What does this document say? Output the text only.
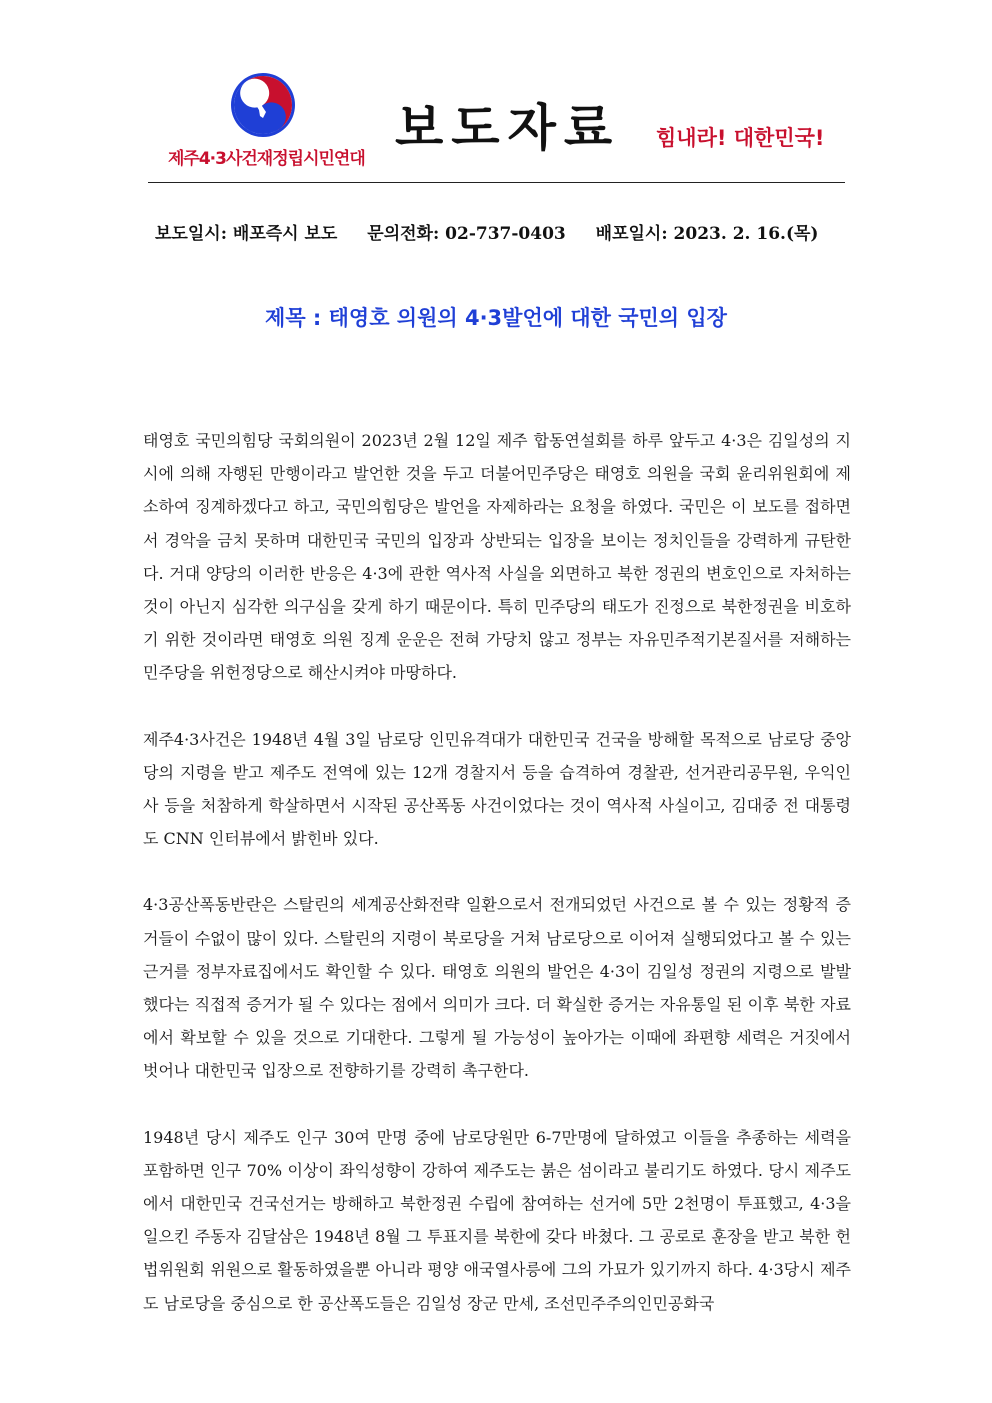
제주4·3사건재정립시민연대
보도자료 힘내라! 대한민국!
보도일시: 배포즉시 보도 문의전화: 02-737-0403 배포일시: 2023. 2. 16.(목)
제목 : 태영호 의원의 4·3발언에 대한 국민의 입장

태영호 국민의힘당 국회의원이 2023년 2월 12일 제주 합동연설회를 하루 앞두고 4·3은 김일성의 지시에 의해 자행된 만행이라고 발언한 것을 두고 더불어민주당은 태영호 의원을 국회 윤리위원회에 제소하여 징계하겠다고 하고, 국민의힘당은 발언을 자제하라는 요청을 하였다. 국민은 이 보도를 접하면서 경악을 금치 못하며 대한민국 국민의 입장과 상반되는 입장을 보이는 정치인들을 강력하게 규탄한다. 거대 양당의 이러한 반응은 4·3에 관한 역사적 사실을 외면하고 북한 정권의 변호인으로 자처하는 것이 아닌지 심각한 의구심을 갖게 하기 때문이다. 특히 민주당의 태도가 진정으로 북한정권을 비호하기 위한 것이라면 태영호 의원 징계 운운은 전혀 가당치 않고 정부는 자유민주적기본질서를 저해하는 민주당을 위헌정당으로 해산시켜야 마땅하다.

제주4·3사건은 1948년 4월 3일 남로당 인민유격대가 대한민국 건국을 방해할 목적으로 남로당 중앙당의 지령을 받고 제주도 전역에 있는 12개 경찰지서 등을 습격하여 경찰관, 선거관리공무원, 우익인사 등을 처참하게 학살하면서 시작된 공산폭동 사건이었다는 것이 역사적 사실이고, 김대중 전 대통령도 CNN 인터뷰에서 밝힌바 있다.

4·3공산폭동반란은 스탈린의 세계공산화전략 일환으로서 전개되었던 사건으로 볼 수 있는 정황적 증거들이 수없이 많이 있다. 스탈린의 지령이 북로당을 거쳐 남로당으로 이어져 실행되었다고 볼 수 있는 근거를 정부자료집에서도 확인할 수 있다. 태영호 의원의 발언은 4·3이 김일성 정권의 지령으로 발발했다는 직접적 증거가 될 수 있다는 점에서 의미가 크다. 더 확실한 증거는 자유통일 된 이후 북한 자료에서 확보할 수 있을 것으로 기대한다. 그렇게 될 가능성이 높아가는 이때에 좌편향 세력은 거짓에서 벗어나 대한민국 입장으로 전향하기를 강력히 촉구한다.

1948년 당시 제주도 인구 30여 만명 중에 남로당원만 6-7만명에 달하였고 이들을 추종하는 세력을 포함하면 인구 70% 이상이 좌익성향이 강하여 제주도는 붉은 섬이라고 불리기도 하였다. 당시 제주도에서 대한민국 건국선거는 방해하고 북한정권 수립에 참여하는 선거에 5만 2천명이 투표했고, 4·3을 일으킨 주동자 김달삼은 1948년 8월 그 투표지를 북한에 갖다 바쳤다. 그 공로로 훈장을 받고 북한 헌법위원회 위원으로 활동하였을뿐 아니라 평양 애국열사릉에 그의 가묘가 있기까지 하다. 4·3당시 제주도 남로당을 중심으로 한 공산폭도들은 김일성 장군 만세, 조선민주주의인민공화국
